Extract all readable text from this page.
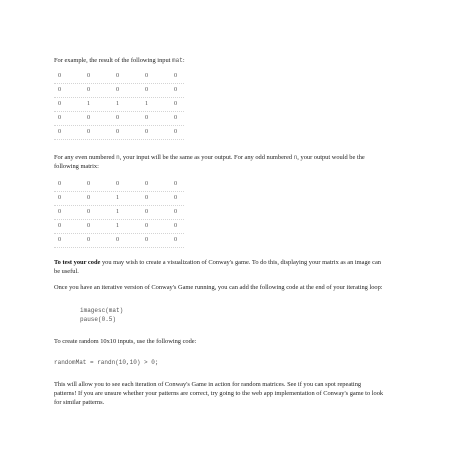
For example, the result of the following input mat:
0	0	0	0	0
0	0	0	0	0
0	1	1	1	0
0	0	0	0	0
0	0	0	0	0
For any even numbered n, your input will be the same as your output. For any odd numbered n, your output would be the following matrix:
0	0	0	0	0
0	0	1	0	0
0	0	1	0	0
0	0	1	0	0
0	0	0	0	0
To test your code you may wish to create a visualization of Conway's game. To do this, displaying your matrix as an image can be useful.
Once you have an iterative version of Conway's Game running, you can add the following code at the end of your iterating loop:
imagesc(mat)
pause(0.5)
To create random 10x10 inputs, use the following code:
randomMat = randn(10,10) > 0;
This will allow you to see each iteration of Conway's Game in action for random matrices. See if you can spot repeating patterns! If you are unsure whether your patterns are correct, try going to the web app implementation of Conway's game to look for similar patterns.
